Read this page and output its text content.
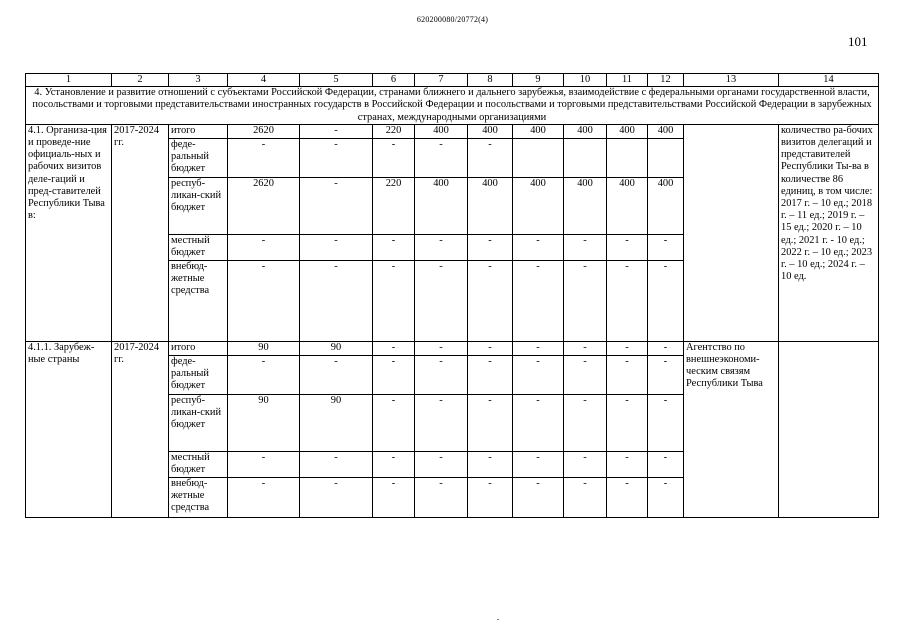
620200080/20772(4)
101
1	2	3	4	5	6	7	8	9	10	11	12	13	14
4. Установление и развитие отношений с субъектами Российской Федерации, странами ближнего и дальнего зарубежья, взаимодействие с федеральными органами государственной власти, посольствами и торговыми представительствами иностранных государств в Российской Федерации и посольствами и торговыми представительствами Российской Федерации в зарубежных странах, международными организациями													
4.1. Организа-ция и проведе-ние официаль-ных и рабочих визитов деле-гаций и пред-ставителей Республики Тыва в:	2017-2024 гг.	итого	2620	-	220	400	400	400	400	400	400		количество ра-бочих визитов делегаций и представителей Республики Ты-ва в количестве 86 единиц, в том числе: 2017 г. – 10 ед.; 2018 г. – 11 ед.; 2019 г. – 15 ед.; 2020 г. – 10 ед.; 2021 г. - 10 ед.; 2022 г. – 10 ед.; 2023 г. – 10 ед.; 2024 г. – 10 ед.
		феде-ральный бюджет	-	-	-	-	-						
		респуб-ликан-ский бюджет	2620	-	220	400	400	400	400	400	400		
		местный бюджет	-	-	-	-	-	-	-	-	-		
		внебюд-жетные средства	-	-	-	-	-	-	-	-	-		
4.1.1. Зарубеж-ные страны	2017-2024 гг.	итого	90	90	-	-	-	-	-	-	-	Агентство по внешнеэкономи-ческим связям Республики Тыва	
		феде-ральный бюджет	-	-	-	-	-	-	-	-	-		
		респуб-ликан-ский бюджет	90	90	-	-	-	-	-	-	-		
		местный бюджет	-	-	-	-	-	-	-	-	-		
		внебюд-жетные средства	-	-	-	-	-	-	-	-	-		
